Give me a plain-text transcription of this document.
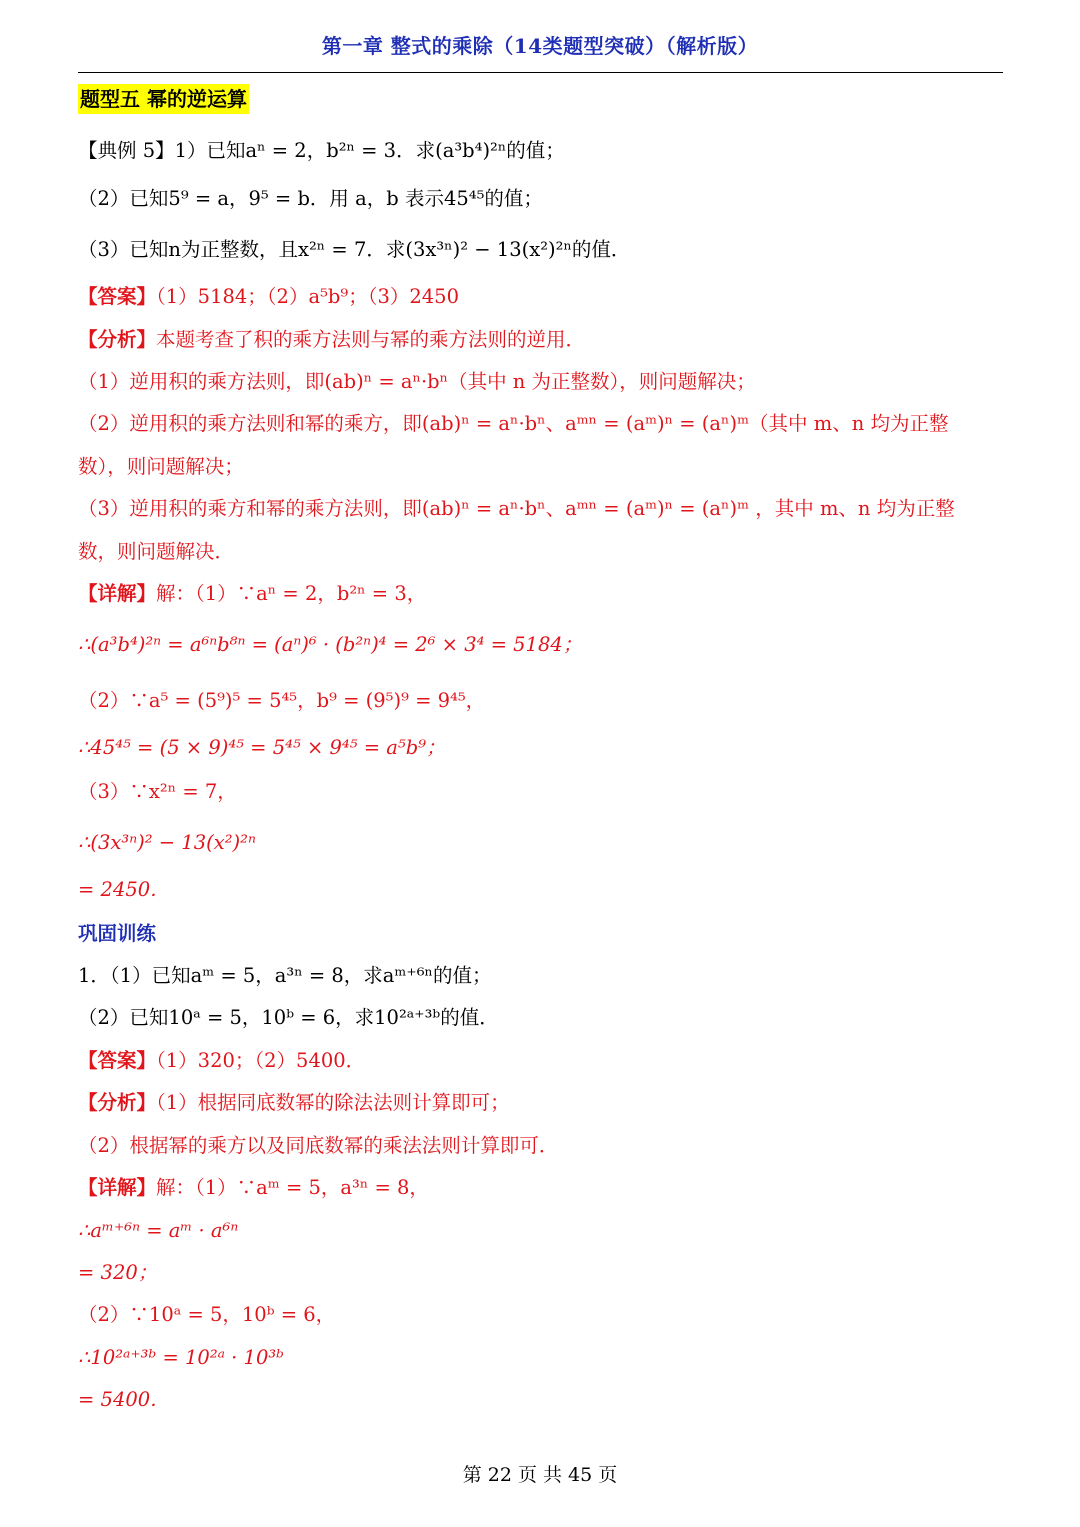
第一章 整式的乘除（14类题型突破）（解析版）
题型五 幂的逆运算
【典例 5】1）已知aⁿ = 2，b²ⁿ = 3．求(a³b⁴)²ⁿ的值；
（2）已知5⁹ = a，9⁵ = b．用 a，b 表示45⁴⁵的值；
（3）已知n为正整数，且x²ⁿ = 7．求(3x³ⁿ)² − 13(x²)²ⁿ的值．
【答案】（1）5184；（2）a⁵b⁹；（3）2450
【分析】本题考查了积的乘方法则与幂的乘方法则的逆用．
（1）逆用积的乘方法则，即(ab)ⁿ = aⁿ·bⁿ（其中 n 为正整数），则问题解决；
（2）逆用积的乘方法则和幂的乘方，即(ab)ⁿ = aⁿ·bⁿ、aᵐⁿ = (aᵐ)ⁿ = (aⁿ)ᵐ（其中 m、n 均为正整
数），则问题解决；
（3）逆用积的乘方和幂的乘方法则，即(ab)ⁿ = aⁿ·bⁿ、aᵐⁿ = (aᵐ)ⁿ = (aⁿ)ᵐ ，其中 m、n 均为正整
数，则问题解决．
【详解】解：（1）∵aⁿ = 2，b²ⁿ = 3，
∴(a³b⁴)²ⁿ = a⁶ⁿb⁸ⁿ = (aⁿ)⁶ · (b²ⁿ)⁴ = 2⁶ × 3⁴ = 5184；
（2）∵a⁵ = (5⁹)⁵ = 5⁴⁵，b⁹ = (9⁵)⁹ = 9⁴⁵，
∴45⁴⁵ = (5 × 9)⁴⁵ = 5⁴⁵ × 9⁴⁵ = a⁵b⁹；
（3）∵x²ⁿ = 7，
∴(3x³ⁿ)² − 13(x²)²ⁿ
= 2450．
巩固训练
1．（1）已知aᵐ = 5，a³ⁿ = 8，求aᵐ⁺⁶ⁿ的值；
（2）已知10ᵃ = 5，10ᵇ = 6，求10²ᵃ⁺³ᵇ的值．
【答案】（1）320；（2）5400．
【分析】（1）根据同底数幂的除法法则计算即可；
（2）根据幂的乘方以及同底数幂的乘法法则计算即可．
【详解】解：（1）∵aᵐ = 5，a³ⁿ = 8，
∴aᵐ⁺⁶ⁿ = aᵐ · a⁶ⁿ
= 320；
（2）∵10ᵃ = 5，10ᵇ = 6，
∴10²ᵃ⁺³ᵇ = 10²ᵃ · 10³ᵇ
= 5400．
第 22 页 共 45 页
